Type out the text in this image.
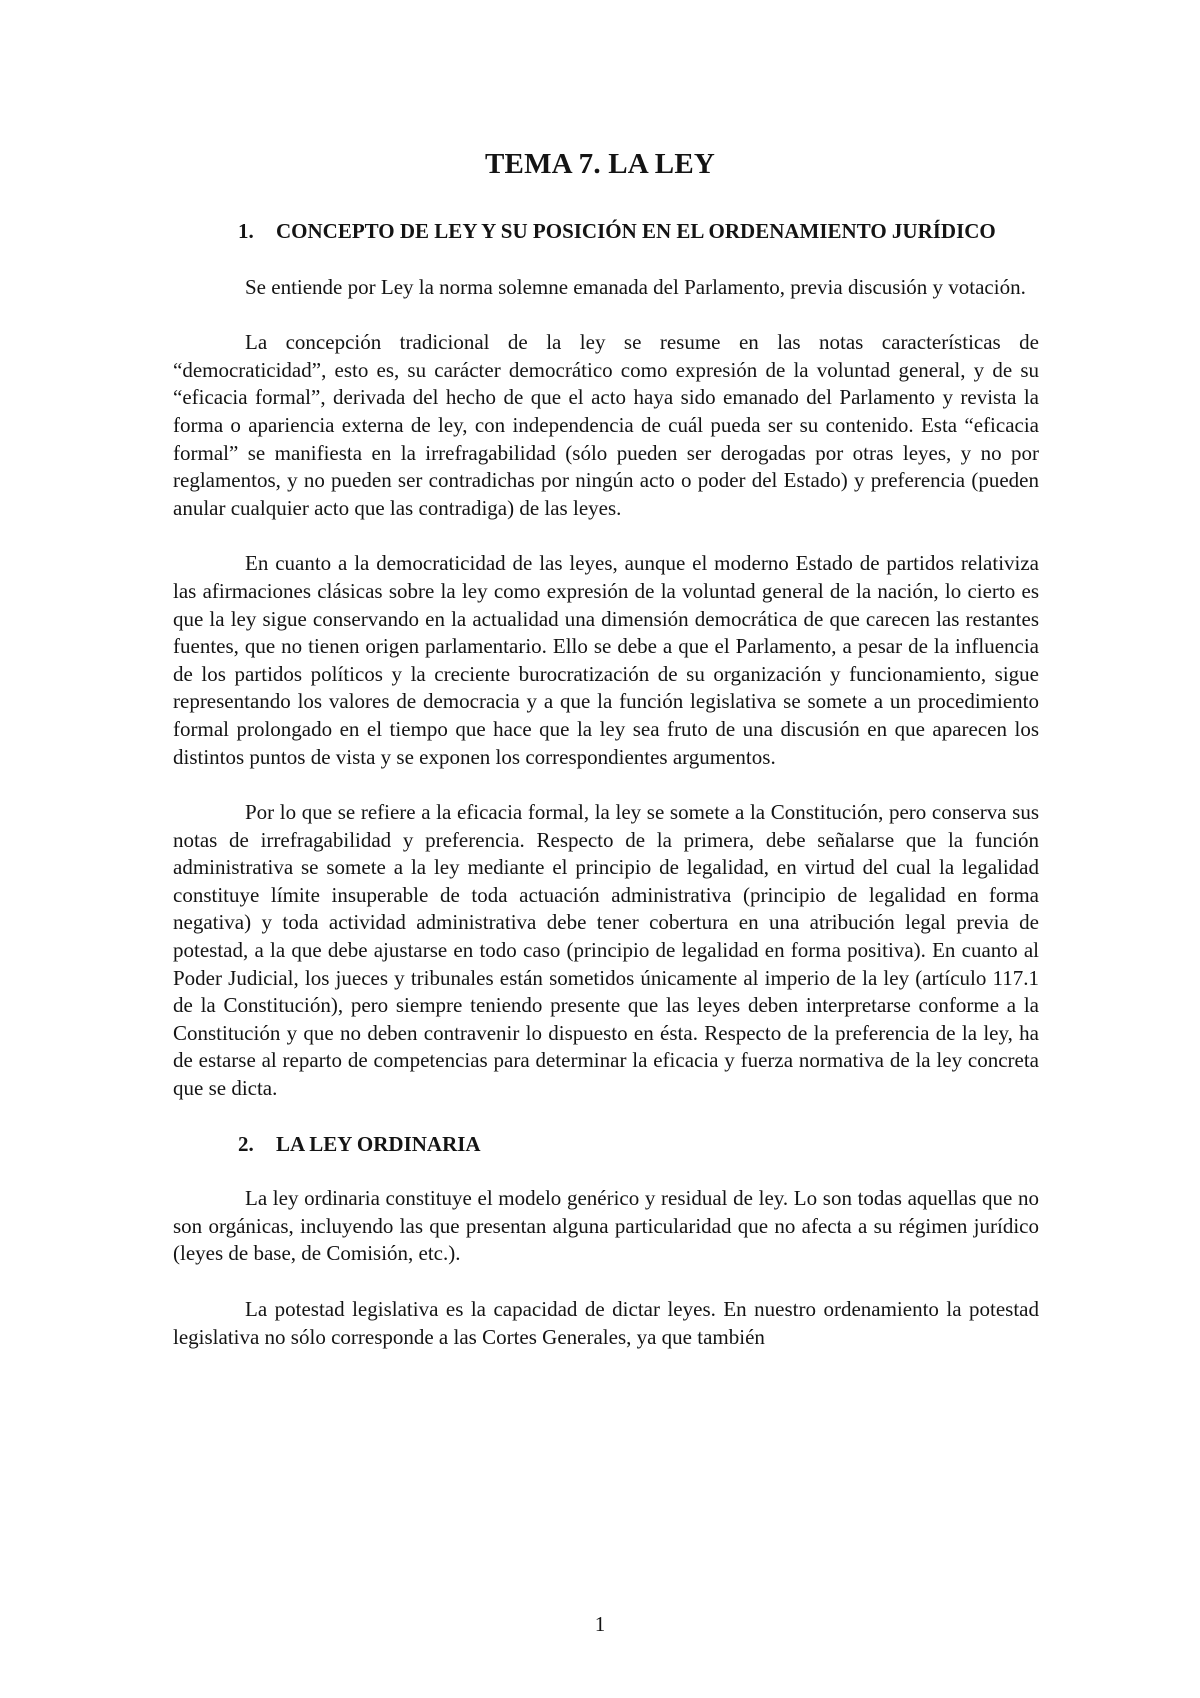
TEMA 7. LA LEY
1.	CONCEPTO DE LEY Y SU POSICIÓN EN EL ORDENAMIENTO JURÍDICO

Se entiende por Ley la norma solemne emanada del Parlamento, previa discusión y votación.

La concepción tradicional de la ley se resume en las notas características de “democraticidad”, esto es, su carácter democrático como expresión de la voluntad general, y de su “eficacia formal”, derivada del hecho de que el acto haya sido emanado del Parlamento y revista la forma o apariencia externa de ley, con independencia de cuál pueda ser su contenido. Esta “eficacia formal” se manifiesta en la irrefragabilidad (sólo pueden ser derogadas por otras leyes, y no por reglamentos, y no pueden ser contradichas por ningún acto o poder del Estado) y preferencia (pueden anular cualquier acto que las contradiga) de las leyes.

En cuanto a la democraticidad de las leyes, aunque el moderno Estado de partidos relativiza las afirmaciones clásicas sobre la ley como expresión de la voluntad general de la nación, lo cierto es que la ley sigue conservando en la actualidad una dimensión democrática de que carecen las restantes fuentes, que no tienen origen parlamentario. Ello se debe a que el Parlamento, a pesar de la influencia de los partidos políticos y la creciente burocratización de su organización y funcionamiento, sigue representando los valores de democracia y a que la función legislativa se somete a un procedimiento formal prolongado en el tiempo que hace que la ley sea fruto de una discusión en que aparecen los distintos puntos de vista y se exponen los correspondientes argumentos.

Por lo que se refiere a la eficacia formal, la ley se somete a la Constitución, pero conserva sus notas de irrefragabilidad y preferencia. Respecto de la primera, debe señalarse que la función administrativa se somete a la ley mediante el principio de legalidad, en virtud del cual la legalidad constituye límite insuperable de toda actuación administrativa (principio de legalidad en forma negativa) y toda actividad administrativa debe tener cobertura en una atribución legal previa de potestad, a la que debe ajustarse en todo caso (principio de legalidad en forma positiva). En cuanto al Poder Judicial, los jueces y tribunales están sometidos únicamente al imperio de la ley (artículo 117.1 de la Constitución), pero siempre teniendo presente que las leyes deben interpretarse conforme a la Constitución y que no deben contravenir lo dispuesto en ésta. Respecto de la preferencia de la ley, ha de estarse al reparto de competencias para determinar la eficacia y fuerza normativa de la ley concreta que se dicta.

2.	LA LEY ORDINARIA

La ley ordinaria constituye el modelo genérico y residual de ley. Lo son todas aquellas que no son orgánicas, incluyendo las que presentan alguna particularidad que no afecta a su régimen jurídico (leyes de base, de Comisión, etc.).

La potestad legislativa es la capacidad de dictar leyes. En nuestro ordenamiento la potestad legislativa no sólo corresponde a las Cortes Generales, ya que también

1
